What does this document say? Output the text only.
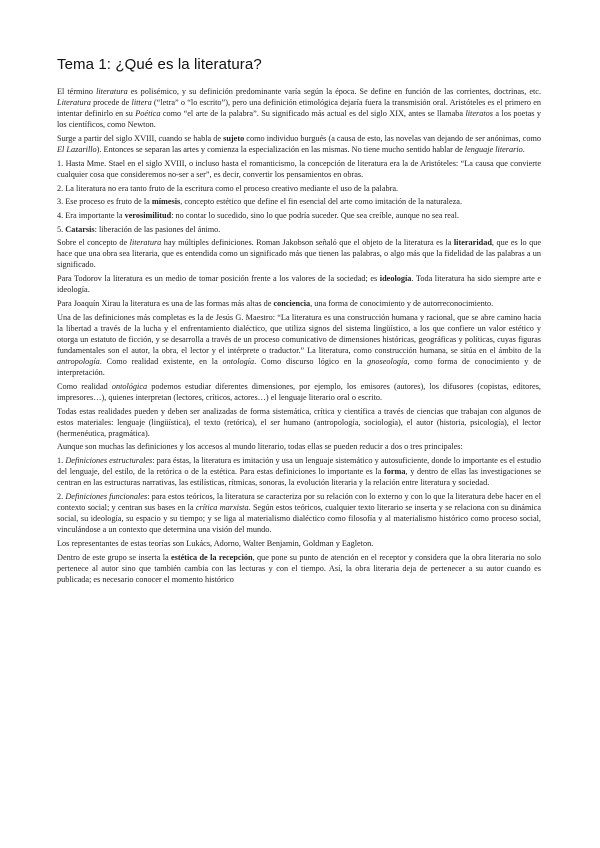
Tema 1: ¿Qué es la literatura?

El término literatura es polisémico, y su definición predominante varía según la época. Se define en función de las corrientes, doctrinas, etc. Literatura procede de littera (“letra” o “lo escrito”), pero una definición etimológica dejaría fuera la transmisión oral. Aristóteles es el primero en intentar definirlo en su Poética como “el arte de la palabra”. Su significado más actual es del siglo XIX, antes se llamaba literatos a los poetas y los científicos, como Newton.

Surge a partir del siglo XVIII, cuando se habla de sujeto como individuo burgués (a causa de esto, las novelas van dejando de ser anónimas, como El Lazarillo). Entonces se separan las artes y comienza la especialización en las mismas. No tiene mucho sentido hablar de lenguaje literario.

1. Hasta Mme. Stael en el siglo XVIII, o incluso hasta el romanticismo, la concepción de literatura era la de Aristóteles: “La causa que convierte cualquier cosa que consideremos no-ser a ser”, es decir, convertir los pensamientos en obras.

2. La literatura no era tanto fruto de la escritura como el proceso creativo mediante el uso de la palabra.

3. Ese proceso es fruto de la mímesis, concepto estético que define el fin esencial del arte como imitación de la naturaleza.

4. Era importante la verosimilitud: no contar lo sucedido, sino lo que podría suceder. Que sea creíble, aunque no sea real.

5. Catarsis: liberación de las pasiones del ánimo.

Sobre el concepto de literatura hay múltiples definiciones. Roman Jakobson señaló que el objeto de la literatura es la literaridad, que es lo que hace que una obra sea literaria, que es entendida como un significado más que tienen las palabras, o algo más que la fidelidad de las palabras a un significado.

Para Todorov la literatura es un medio de tomar posición frente a los valores de la sociedad; es ideología. Toda literatura ha sido siempre arte e ideología.

Para Joaquín Xirau la literatura es una de las formas más altas de conciencia, una forma de conocimiento y de autorreconocimiento.

Una de las definiciones más completas es la de Jesús G. Maestro: “La literatura es una construcción humana y racional, que se abre camino hacia la libertad a través de la lucha y el enfrentamiento dialéctico, que utiliza signos del sistema lingüístico, a los que confiere un valor estético y otorga un estatuto de ficción, y se desarrolla a través de un proceso comunicativo de dimensiones históricas, geográficas y políticas, cuyas figuras fundamentales son el autor, la obra, el lector y el intérprete o traductor.” La literatura, como construcción humana, se sitúa en el ámbito de la antropología. Como realidad existente, en la ontología. Como discurso lógico en la gnoseología, como forma de conocimiento y de interpretación.

Como realidad ontológica podemos estudiar diferentes dimensiones, por ejemplo, los emisores (autores), los difusores (copistas, editores, impresores…), quienes interpretan (lectores, críticos, actores…) el lenguaje literario oral o escrito.

Todas estas realidades pueden y deben ser analizadas de forma sistemática, crítica y científica a través de ciencias que trabajan con algunos de estos materiales: lenguaje (lingüística), el texto (retórica), el ser humano (antropología, sociología), el autor (historia, psicología), el lector (hermenéutica, pragmática).

Aunque son muchas las definiciones y los accesos al mundo literario, todas ellas se pueden reducir a dos o tres principales:

1. Definiciones estructurales: para éstas, la literatura es imitación y usa un lenguaje sistemático y autosuficiente, donde lo importante es el estudio del lenguaje, del estilo, de la retórica o de la estética. Para estas definiciones lo importante es la forma, y dentro de ellas las investigaciones se centran en las estructuras narrativas, las estilísticas, rítmicas, sonoras, la evolución literaria y la relación entre literatura y sociedad.

2. Definiciones funcionales: para estos teóricos, la literatura se caracteriza por su relación con lo externo y con lo que la literatura debe hacer en el contexto social; y centran sus bases en la crítica marxista. Según estos teóricos, cualquier texto literario se inserta y se relaciona con su dinámica social, su ideología, su espacio y su tiempo; y se liga al materialismo dialéctico como filosofía y al materialismo histórico como proceso social, vinculándose a un contexto que determina una visión del mundo.

Los representantes de estas teorías son Lukács, Adorno, Walter Benjamin, Goldman y Eagleton.

Dentro de este grupo se inserta la estética de la recepción, que pone su punto de atención en el receptor y considera que la obra literaria no solo pertenece al autor sino que también cambia con las lecturas y con el tiempo. Así, la obra literaria deja de pertenecer a su autor cuando es publicada; es necesario conocer el momento histórico
